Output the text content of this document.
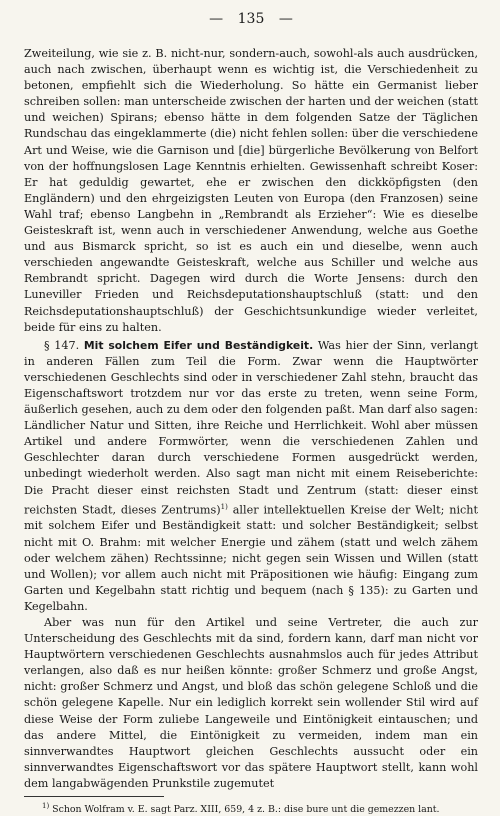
— 135 —

Zweiteilung, wie sie z. B. nicht-nur, sondern-auch, sowohl-als auch ausdrücken, auch nach zwischen, überhaupt wenn es wichtig ist, die Verschiedenheit zu betonen, empfiehlt sich die Wiederholung. So hätte ein Germanist lieber schreiben sollen: man unterscheide zwischen der harten und der weichen (statt und weichen) Spirans; ebenso hätte in dem folgenden Satze der Täglichen Rundschau das eingeklammerte (die) nicht fehlen sollen: über die verschiedene Art und Weise, wie die Garnison und [die] bürgerliche Bevölkerung von Belfort von der hoffnungslosen Lage Kenntnis erhielten. Gewissenhaft schreibt Koser: Er hat geduldig gewartet, ehe er zwischen den dickköpfigsten (den Engländern) und den ehrgeizigsten Leuten von Europa (den Franzosen) seine Wahl traf; ebenso Langbehn in „Rembrandt als Erzieher“: Wie es dieselbe Geisteskraft ist, wenn auch in verschiedener Anwendung, welche aus Goethe und aus Bismarck spricht, so ist es auch ein und dieselbe, wenn auch verschieden angewandte Geisteskraft, welche aus Schiller und welche aus Rembrandt spricht. Dagegen wird durch die Worte Jensens: durch den Luneviller Frieden und Reichsdeputationshauptschluß (statt: und den Reichsdeputationshauptschluß) der Geschichtsunkundige wieder verleitet, beide für eins zu halten.

§ 147. Mit solchem Eifer und Beständigkeit. Was hier der Sinn, verlangt in anderen Fällen zum Teil die Form. Zwar wenn die Hauptwörter verschiedenen Geschlechts sind oder in verschiedener Zahl stehn, braucht das Eigenschaftswort trotzdem nur vor das erste zu treten, wenn seine Form, äußerlich gesehen, auch zu dem oder den folgenden paßt. Man darf also sagen: Ländlicher Natur und Sitten, ihre Reiche und Herrlichkeit. Wohl aber müssen Artikel und andere Formwörter, wenn die verschiedenen Zahlen und Geschlechter daran durch verschiedene Formen ausgedrückt werden, unbedingt wiederholt werden. Also sagt man nicht mit einem Reiseberichte: Die Pracht dieser einst reichsten Stadt und Zentrum (statt: dieser einst reichsten Stadt, dieses Zentrums)$^{1)}$ aller intellektuellen Kreise der Welt; nicht mit solchem Eifer und Beständigkeit statt: und solcher Beständigkeit; selbst nicht mit O. Brahm: mit welcher Energie und zähem (statt und welch zähem oder welchem zähen) Rechtssinne; nicht gegen sein Wissen und Willen (statt und Wollen); vor allem auch nicht mit Präpositionen wie häufig: Eingang zum Garten und Kegelbahn statt richtig und bequem (nach § 135): zu Garten und Kegelbahn.

Aber was nun für den Artikel und seine Vertreter, die auch zur Unterscheidung des Geschlechts mit da sind, fordern kann, darf man nicht vor Hauptwörtern verschiedenen Geschlechts ausnahmslos auch für jedes Attribut verlangen, also daß es nur heißen könnte: großer Schmerz und große Angst, nicht: großer Schmerz und Angst, und bloß das schön gelegene Schloß und die schön gelegene Kapelle. Nur ein lediglich korrekt sein wollender Stil wird auf diese Weise der Form zuliebe Langeweile und Eintönigkeit eintauschen; und das andere Mittel, die Eintönigkeit zu vermeiden, indem man ein sinnverwandtes Hauptwort gleichen Geschlechts aussucht oder ein sinnverwandtes Eigenschaftswort vor das spätere Hauptwort stellt, kann wohl dem langabwägenden Prunkstile zugemutet

$^{1)}$ Schon Wolfram v. E. sagt Parz. XIII, 659, 4 z. B.: dise bure unt die gemezzen lant.
